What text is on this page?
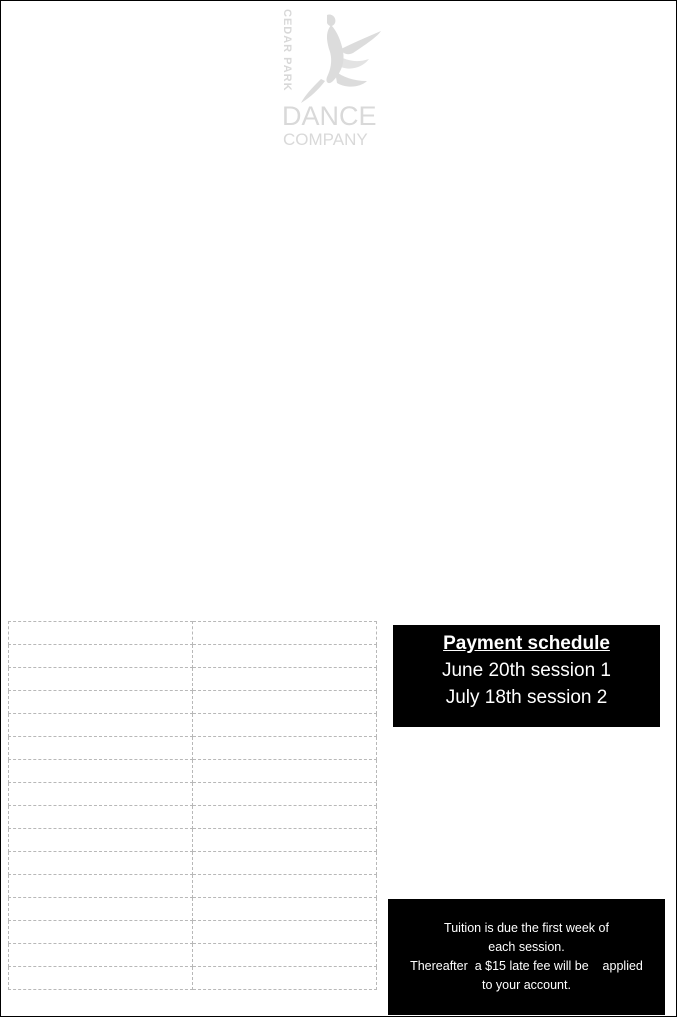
CEDAR PARK
DANCE
COMPANY

Payment schedule
June 20th session 1
July 18th session 2
Tuition is due the first week of
each session.
Thereafter  a $15 late fee will be    applied
to your account.
